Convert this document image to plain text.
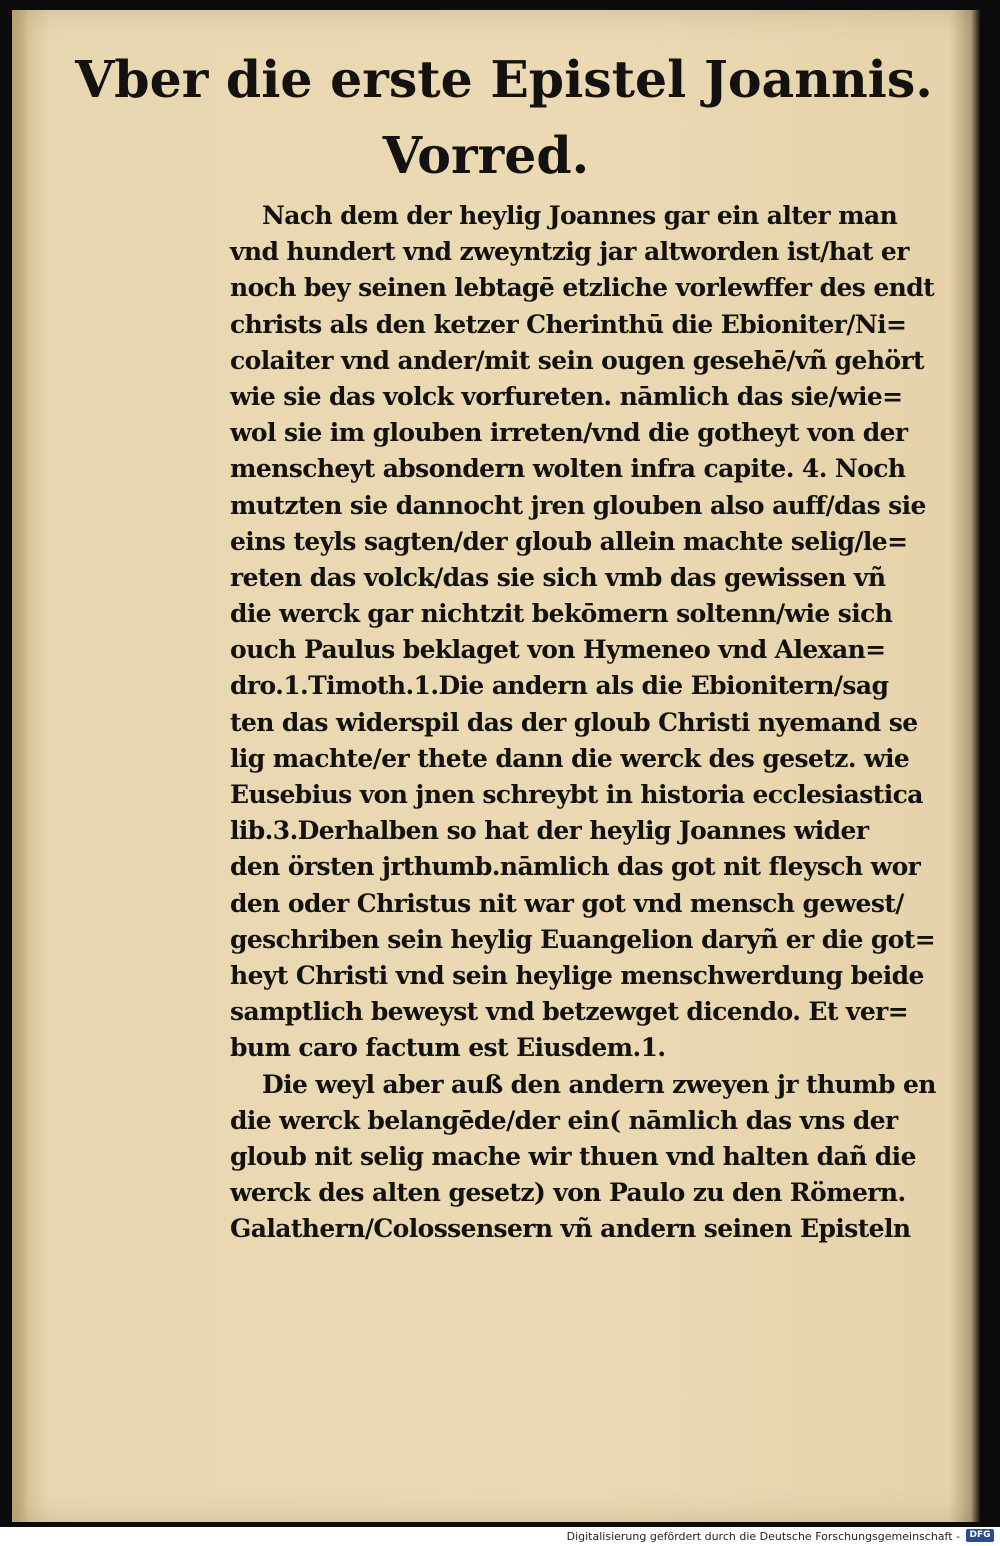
Vber die erste Epistel Joannis.
Vorred.
Nach dem der heylig Joannes gar ein alter man
vnd hundert vnd zweyntzig jar altworden ist/hat er
noch bey seinen lebtagē etzliche vorlewffer des endt
christs als den ketzer Cherinthū die Ebioniter/Ni=
colaiter vnd ander/mit sein ougen gesehē/vñ gehört
wie sie das volck vorfureten. nāmlich das sie/wie=
wol sie im glouben irreten/vnd die gotheyt von der
menscheyt absondern wolten infra capite. 4. Noch
mutzten sie dannocht jren glouben also auff/das sie
eins teyls sagten/der gloub allein machte selig/le=
reten das volck/das sie sich vmb das gewissen vñ
die werck gar nichtzit bekōmern soltenn/wie sich
ouch Paulus beklaget von Hymeneo vnd Alexan=
dro.1.Timoth.1.Die andern als die Ebionitern/sag
ten das widerspil das der gloub Christi nyemand se
lig machte/er thete dann die werck des gesetz. wie
Eusebius von jnen schreybt in historia ecclesiastica
lib.3.Derhalben so hat der heylig Joannes wider
den örsten jrthumb.nāmlich das got nit fleysch wor
den oder Christus nit war got vnd mensch gewest/
geschriben sein heylig Euangelion daryñ er die got=
heyt Christi vnd sein heylige menschwerdung beide
samptlich beweyst vnd betzewget dicendo. Et ver=
bum caro factum est Eiusdem.1.
Die weyl aber auß den andern zweyen jr thumb en
die werck belangēde/der ein( nāmlich das vns der
gloub nit selig mache wir thuen vnd halten dañ die
werck des alten gesetz) von Paulo zu den Römern.
Galathern/Colossensern vñ andern seinen Episteln
Digitalisierung gefördert durch die Deutsche Forschungsgemeinschaft -	DFG
